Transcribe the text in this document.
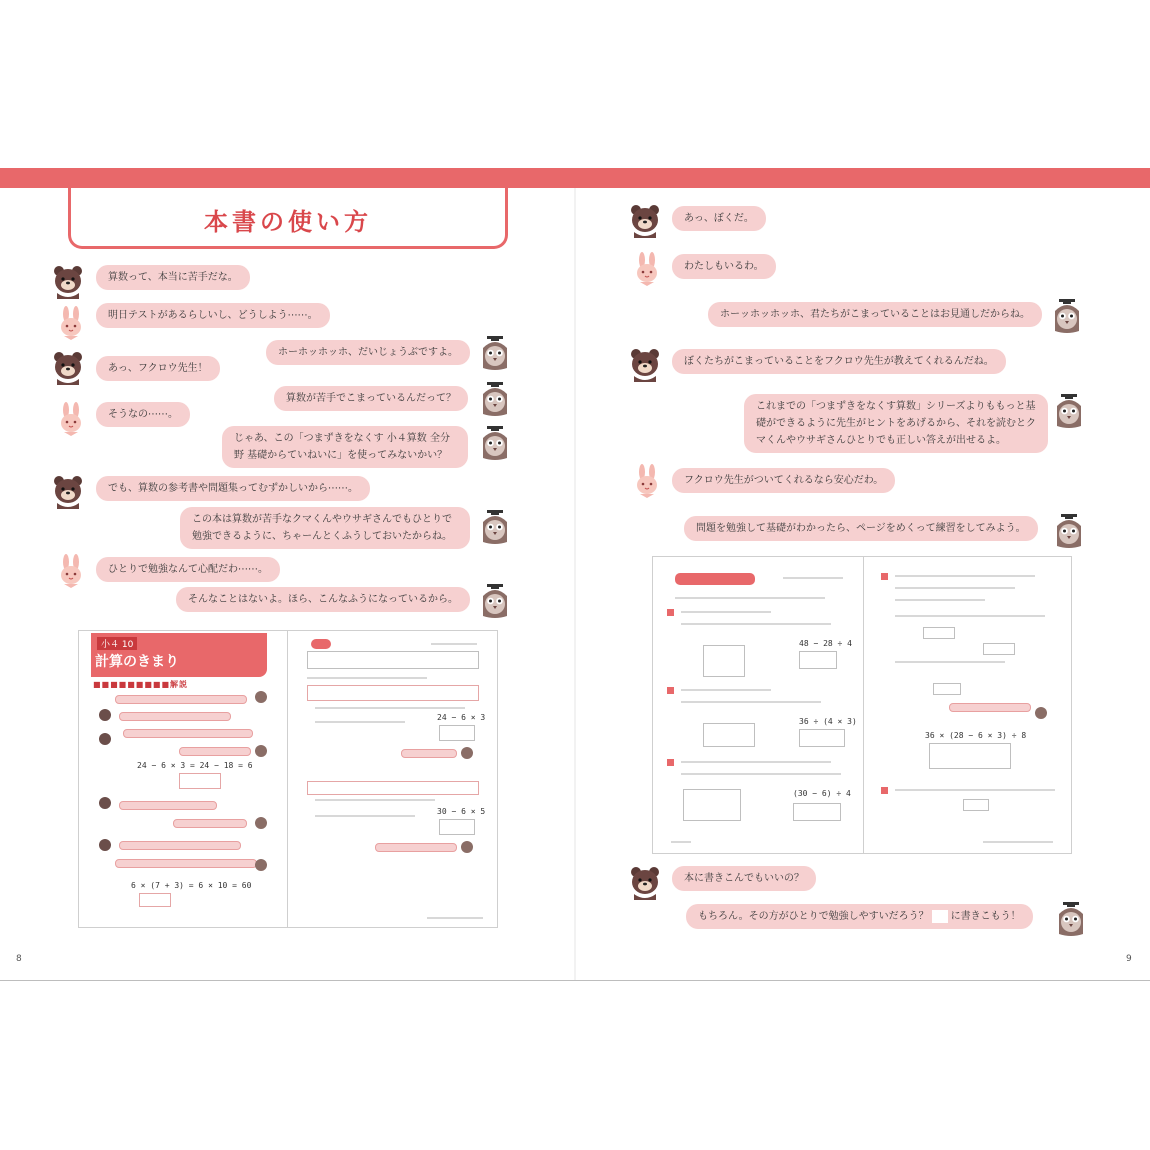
本書の使い方
算数って、本当に苦手だな。
明日テストがあるらしいし、どうしよう⋯⋯。
ホーホッホッホ、だいじょうぶですよ。
あっ、フクロウ先生！
算数が苦手でこまっているんだって？
そうなの⋯⋯。
じゃあ、この「つまずきをなくす 小４算数 全分野 基礎からていねいに」を使ってみないかい？
でも、算数の参考書や問題集ってむずかしいから⋯⋯。
この本は算数が苦手なクマくんやウサギさんでもひとりで勉強できるように、ちゃーんとくふうしておいたからね。
ひとりで勉強なんて心配だわ⋯⋯。
そんなことはないよ。ほら、こんなふうになっているから。
小４ 10
計算のきまり
■■■■■■■■■解説
24 − 6 × 3 = 24 − 18 = 6
6 × (7 + 3) = 6 × 10 = 60
24 − 6 × 3
30 − 6 × 5
あっ、ぼくだ。
わたしもいるわ。
ホーッホッホッホ、君たちがこまっていることはお見通しだからね。
ぼくたちがこまっていることをフクロウ先生が教えてくれるんだね。
これまでの「つまずきをなくす算数」シリーズよりももっと基礎ができるように先生がヒントをあげるから、それを読むとクマくんやウサギさんひとりでも正しい答えが出せるよ。
フクロウ先生がついてくれるなら安心だわ。
問題を勉強して基礎がわかったら、ページをめくって練習をしてみよう。
48 − 28 ÷ 4
36 ÷ (4 × 3)
(30 − 6) ÷ 4
36 × (28 − 6 × 3) ÷ 8
本に書きこんでもいいの？
もちろん。その方がひとりで勉強しやすいだろう？ に書きこもう！
8	9
